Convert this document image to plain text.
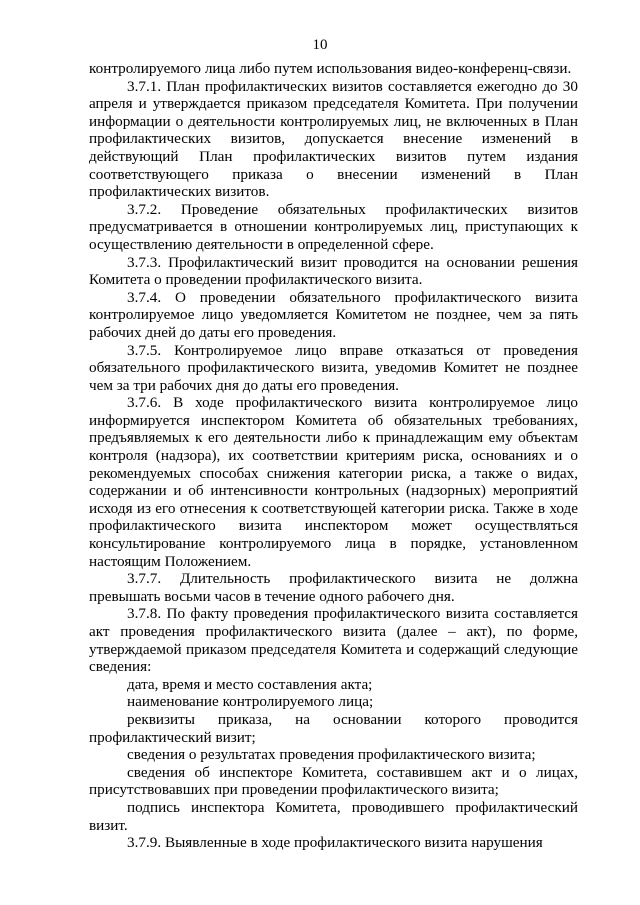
10

контролируемого лица либо путем использования видео-конференц-связи.

3.7.1. План профилактических визитов составляется ежегодно до 30 апреля и утверждается приказом председателя Комитета. При получении информации о деятельности контролируемых лиц, не включенных в План профилактических визитов, допускается внесение изменений в действующий План профилактических визитов путем издания соответствующего приказа о внесении изменений в План профилактических визитов.

3.7.2. Проведение обязательных профилактических визитов предусматривается в отношении контролируемых лиц, приступающих к осуществлению деятельности в определенной сфере.

3.7.3. Профилактический визит проводится на основании решения Комитета о проведении профилактического визита.

3.7.4. О проведении обязательного профилактического визита контролируемое лицо уведомляется Комитетом не позднее, чем за пять рабочих дней до даты его проведения.

3.7.5. Контролируемое лицо вправе отказаться от проведения обязательного профилактического визита, уведомив Комитет не позднее чем за три рабочих дня до даты его проведения.

3.7.6. В ходе профилактического визита контролируемое лицо информируется инспектором Комитета об обязательных требованиях, предъявляемых к его деятельности либо к принадлежащим ему объектам контроля (надзора), их соответствии критериям риска, основаниях и о рекомендуемых способах снижения категории риска, а также о видах, содержании и об интенсивности контрольных (надзорных) мероприятий исходя из его отнесения к соответствующей категории риска. Также в ходе профилактического визита инспектором может осуществляться консультирование контролируемого лица в порядке, установленном настоящим Положением.

3.7.7. Длительность профилактического визита не должна превышать восьми часов в течение одного рабочего дня.

3.7.8. По факту проведения профилактического визита составляется акт проведения профилактического визита (далее – акт), по форме, утверждаемой приказом председателя Комитета и содержащий следующие сведения:

дата, время и место составления акта;

наименование контролируемого лица;

реквизиты приказа, на основании которого проводится профилактический визит;

сведения о результатах проведения профилактического визита;

сведения об инспекторе Комитета, составившем акт и о лицах, присутствовавших при проведении профилактического визита;

подпись инспектора Комитета, проводившего профилактический визит.

3.7.9. Выявленные в ходе профилактического визита нарушения
